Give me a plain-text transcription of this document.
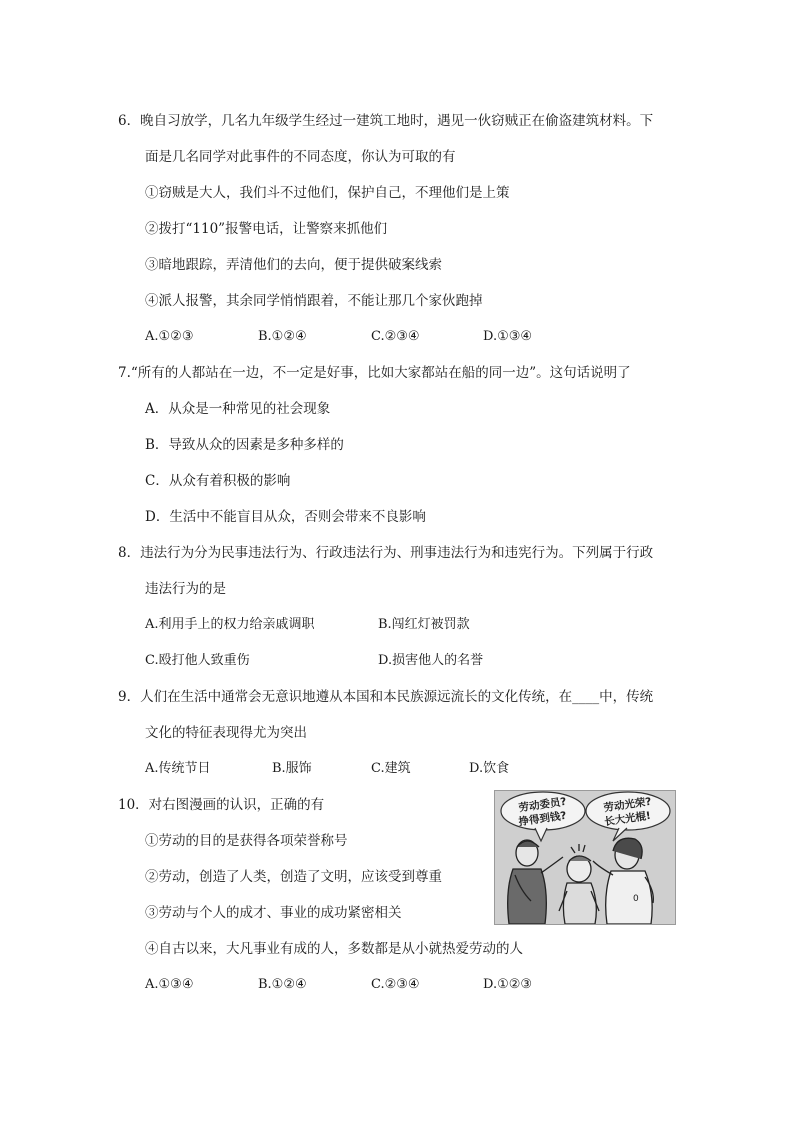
6．晚自习放学，几名九年级学生经过一建筑工地时，遇见一伙窃贼正在偷盗建筑材料。下
面是几名同学对此事件的不同态度，你认为可取的有
①窃贼是大人，我们斗不过他们，保护自己，不理他们是上策
②拨打“110”报警电话，让警察来抓他们
③暗地跟踪，弄清他们的去向，便于提供破案线索
④派人报警，其余同学悄悄跟着，不能让那几个家伙跑掉
A.①②③	B.①②④	C.②③④	D.①③④
7.“所有的人都站在一边，不一定是好事，比如大家都站在船的同一边”。这句话说明了
A．从众是一种常见的社会现象
B．导致从众的因素是多种多样的
C．从众有着积极的影响
D．生活中不能盲目从众，否则会带来不良影响
8．违法行为分为民事违法行为、行政违法行为、刑事违法行为和违宪行为。下列属于行政
违法行为的是
A.利用手上的权力给亲戚调职	B.闯红灯被罚款
C.殴打他人致重伤	D.损害他人的名誉
9．人们在生活中通常会无意识地遵从本国和本民族源远流长的文化传统，在____中，传统
文化的特征表现得尤为突出
A.传统节日	B.服饰	C.建筑	D.饮食
10．对右图漫画的认识，正确的有
①劳动的目的是获得各项荣誉称号
②劳动，创造了人类，创造了文明，应该受到尊重
③劳动与个人的成才、事业的成功紧密相关
④自古以来，大凡事业有成的人，多数都是从小就热爱劳动的人
A.①③④	B.①②④	C.②③④	D.①②③
劳动委员?
挣得到钱?
劳动光荣?
长大光棍!
0
